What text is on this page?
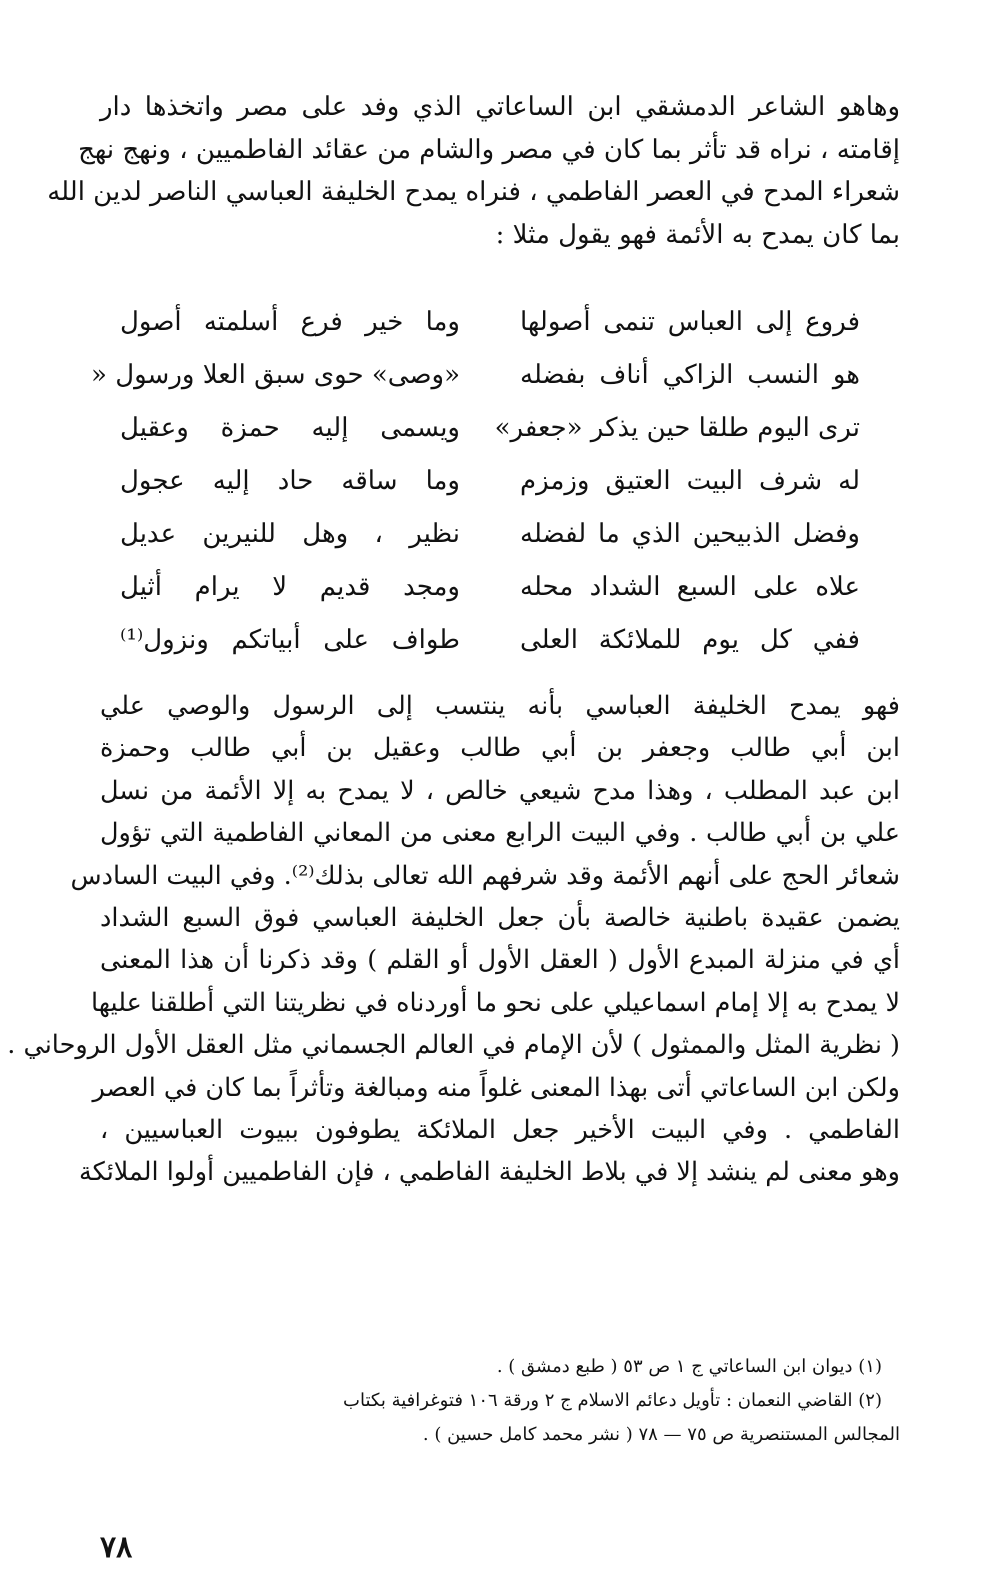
وهاهو الشاعر الدمشقي ابن الساعاتي الذي وفد على مصر واتخذها دار
إقامته ، نراه قد تأثر بما كان في مصر والشام من عقائد الفاطميين ، ونهج نهج
شعراء المدح في العصر الفاطمي ، فنراه يمدح الخليفة العباسي الناصر لدين الله
بما كان يمدح به الأئمة فهو يقول مثلا :
فروع إلى العباس تنمى أصولها
وما خير فرع أسلمته أصول
هو النسب الزاكي أناف بفضله
«وصى» حوى سبق العلا ورسول «
ترى اليوم طلقا حين يذكر «جعفر»
ويسمى إليه حمزة وعقيل
له شرف البيت العتيق وزمزم
وما ساقه حاد إليه عجول
وفضل الذبيحين الذي ما لفضله
نظير ، وهل للنيرين عديل
علاه على السبع الشداد محله
ومجد قديم لا يرام أثيل
ففي كل يوم للملائكة العلى
طواف على أبياتكم ونزول⁽¹⁾
فهو يمدح الخليفة العباسي بأنه ينتسب إلى الرسول والوصي علي
ابن أبي طالب وجعفر بن أبي طالب وعقيل بن أبي طالب وحمزة
ابن عبد المطلب ، وهذا مدح شيعي خالص ، لا يمدح به إلا الأئمة من نسل
علي بن أبي طالب . وفي البيت الرابع معنى من المعاني الفاطمية التي تؤول
شعائر الحج على أنهم الأئمة وقد شرفهم الله تعالى بذلك⁽²⁾. وفي البيت السادس
يضمن عقيدة باطنية خالصة بأن جعل الخليفة العباسي فوق السبع الشداد
أي في منزلة المبدع الأول ( العقل الأول أو القلم ) وقد ذكرنا أن هذا المعنى
لا يمدح به إلا إمام اسماعيلي على نحو ما أوردناه في نظريتنا التي أطلقنا عليها
( نظرية المثل والممثول ) لأن الإمام في العالم الجسماني مثل العقل الأول الروحاني .
ولكن ابن الساعاتي أتى بهذا المعنى غلواً منه ومبالغة وتأثراً بما كان في العصر
الفاطمي . وفي البيت الأخير جعل الملائكة يطوفون ببيوت العباسيين ،
وهو معنى لم ينشد إلا في بلاط الخليفة الفاطمي ، فإن الفاطميين أولوا الملائكة
(١) ديوان ابن الساعاتي ج ١ ص ٥٣ ( طبع دمشق ) .
(٢) القاضي النعمان : تأويل دعائم الاسلام ج ٢ ورقة ١٠٦ فتوغرافية بكتاب
المجالس المستنصرية ص ٧٥ — ٧٨ ( نشر محمد كامل حسين ) .
٧٨
